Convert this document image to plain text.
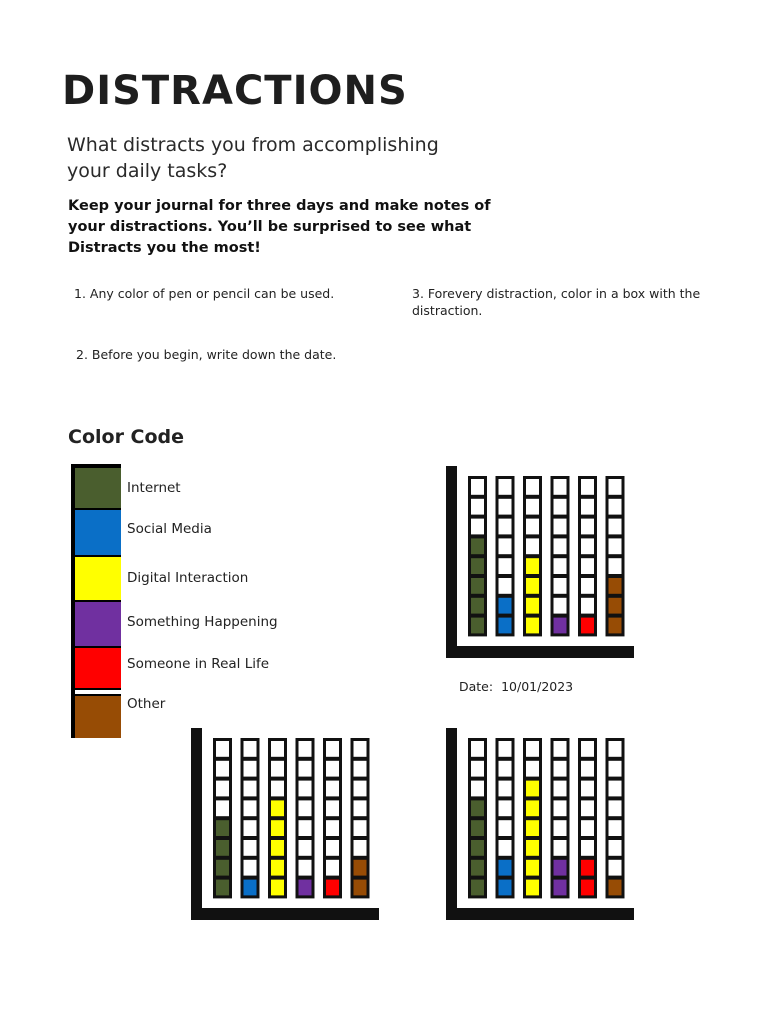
DISTRACTIONS
What distracts you from accomplishing your daily tasks?
Keep your journal for three days and make notes of your distractions. You’ll be surprised to see what Distracts you the most!
1. Any color of pen or pencil can be used.
2. Before you begin, write down the date.
3. Forevery distraction, color in a box with the distraction.
Color Code
Internet
Social Media
Digital Interaction
Something Happening
Someone in Real Life
Other
Date: 10/01/2023
